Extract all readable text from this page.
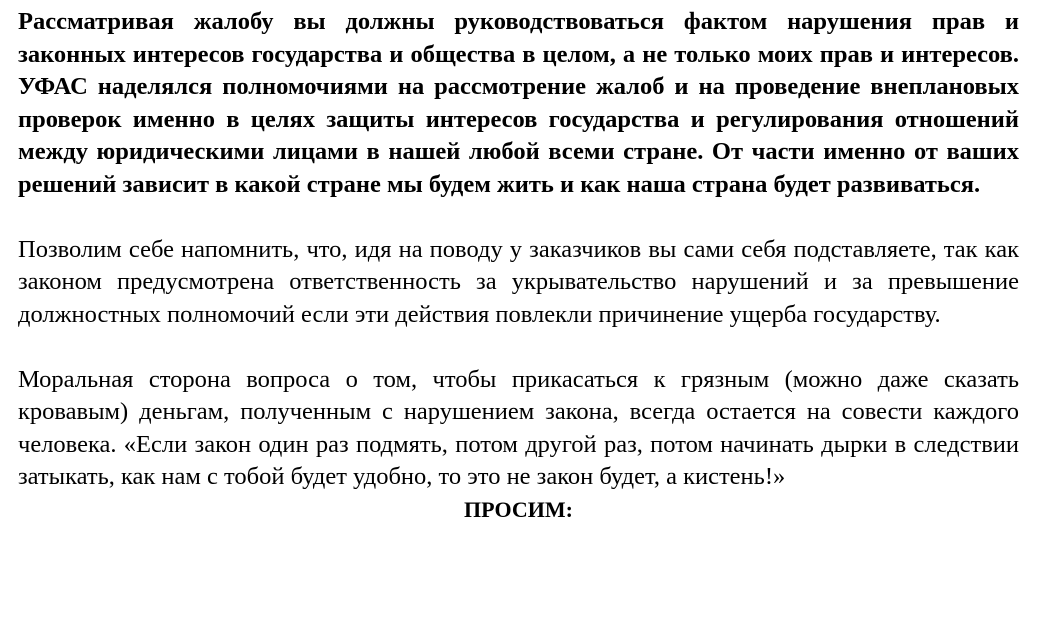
Рассматривая жалобу вы должны руководствоваться фактом нарушения прав и законных интересов государства и общества в целом, а не только моих прав и интересов. УФАС наделялся полномочиями на рассмотрение жалоб и на проведение внеплановых проверок именно в целях защиты интересов государства и регулирования отношений между юридическими лицами в нашей любой всеми стране. От части именно от ваших решений зависит в какой стране мы будем жить и как наша страна будет развиваться.

Позволим себе напомнить, что, идя на поводу у заказчиков вы сами себя подставляете, так как законом предусмотрена ответственность за укрывательство нарушений и за превышение должностных полномочий если эти действия повлекли причинение ущерба государству.

Моральная сторона вопроса о том, чтобы прикасаться к грязным (можно даже сказать кровавым) деньгам, полученным с нарушением закона, всегда остается на совести каждого человека. «Если закон один раз подмять, потом другой раз, потом начинать дырки в следствии затыкать, как нам с тобой будет удобно, то это не закон будет, а кистень!»

ПРОСИМ:
